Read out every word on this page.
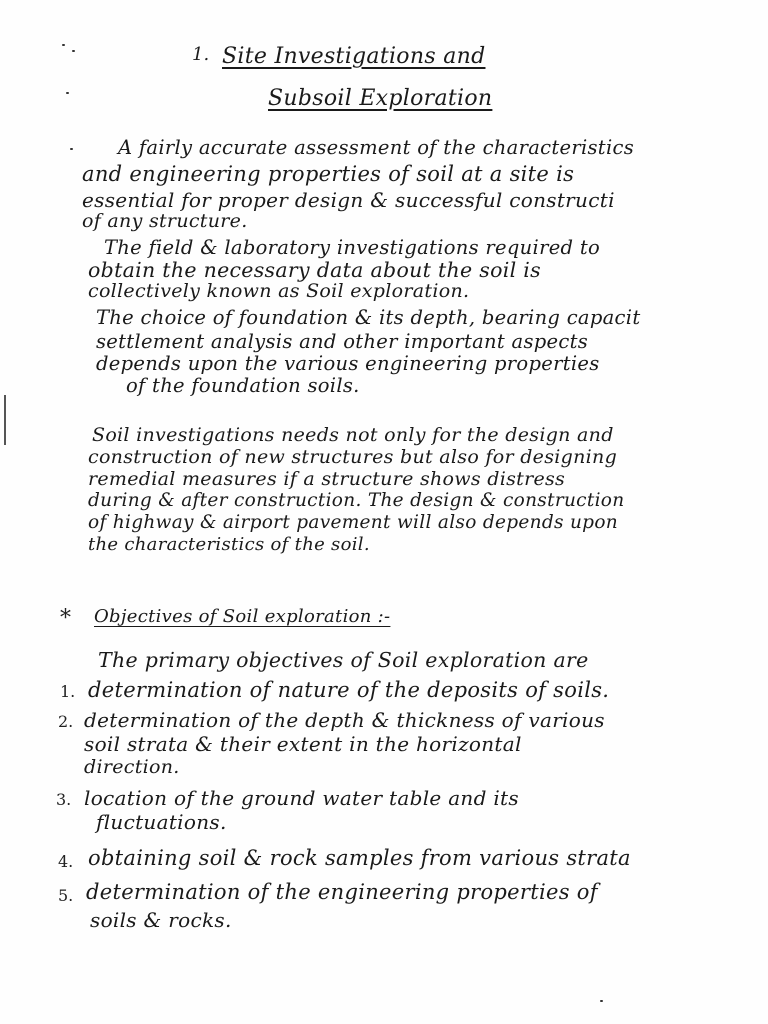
1. Site Investigations and
Subsoil Exploration
A fairly accurate assessment of the characteristics
and engineering properties of soil at a site is
essential for proper design & successful constructi
of any structure.
The field & laboratory investigations required to
obtain the necessary data about the soil is
collectively known as Soil exploration.
The choice of foundation & its depth, bearing capacit
settlement analysis and other important aspects
depends upon the various engineering properties
of the foundation soils.
Soil investigations needs not only for the design and
construction of new structures but also for designing
remedial measures if a structure shows distress
during & after construction. The design & construction
of highway & airport pavement will also depends upon
the characteristics of the soil.
* Objectives of Soil exploration :-
The primary objectives of Soil exploration are
1. determination of nature of the deposits of soils.
2. determination of the depth & thickness of various
soil strata & their extent in the horizontal
direction.
3. location of the ground water table and its
fluctuations.
4. obtaining soil & rock samples from various strata
5. determination of the engineering properties of
soils & rocks.
